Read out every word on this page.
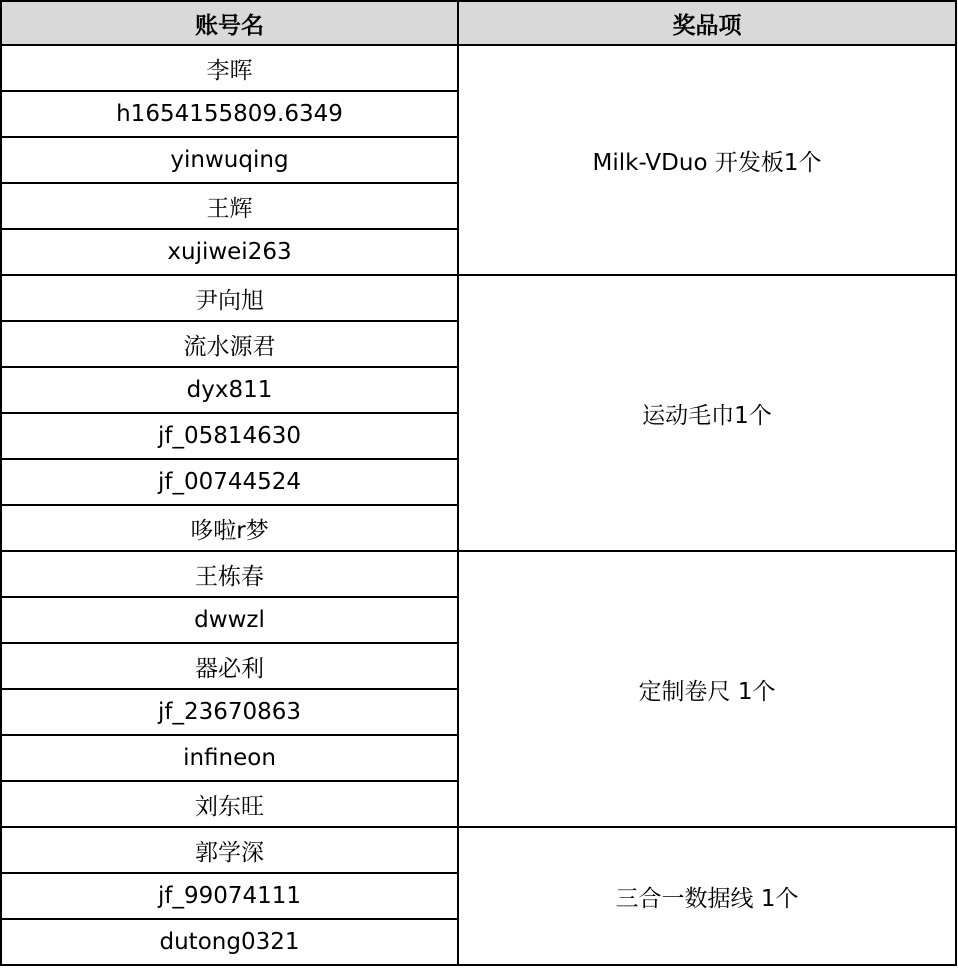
账号名	奖品项
李晖	Milk-VDuo 开发板1个
h1654155809.6349	
yinwuqing	
王辉	
xujiwei263	
尹向旭	运动毛巾1个
流水源君	
dyx811	
jf_05814630	
jf_00744524	
哆啦r梦	
王栋春	定制卷尺 1个
dwwzl	
器必利	
jf_23670863	
infineon	
刘东旺	
郭学深	三合一数据线 1个
jf_99074111	
dutong0321	
